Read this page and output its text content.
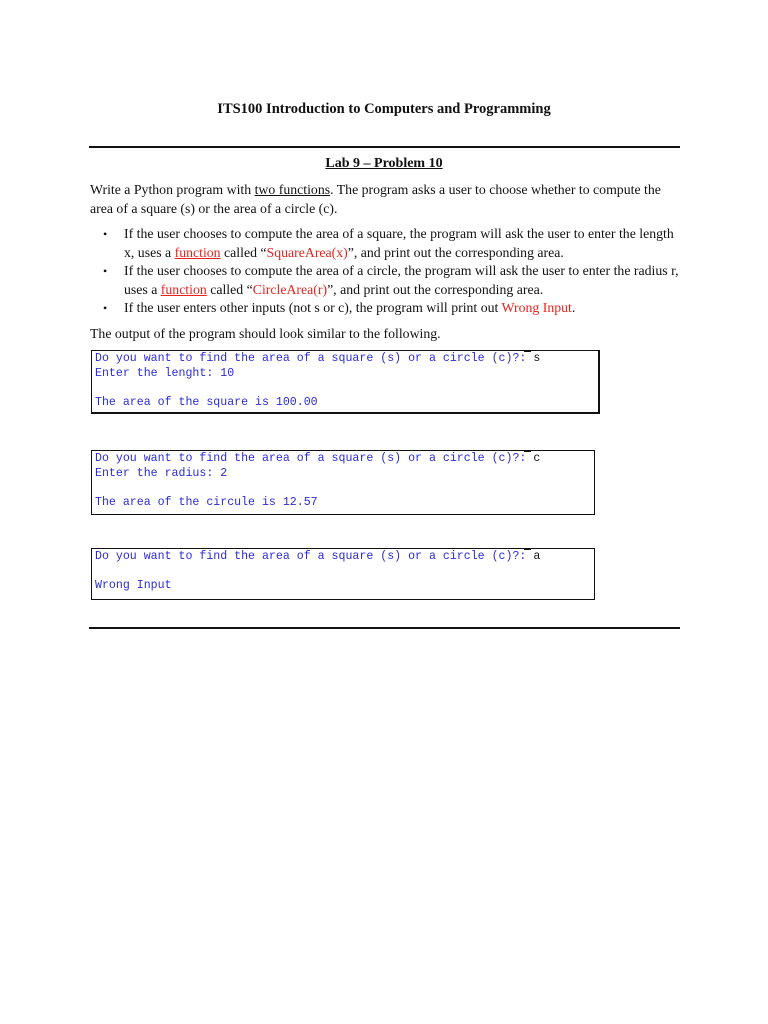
ITS100 Introduction to Computers and Programming
Lab 9 – Problem 10
Write a Python program with two functions. The program asks a user to choose whether to compute the area of a square (s) or the area of a circle (c).
• If the user chooses to compute the area of a square, the program will ask the user to enter the length x, uses a function called “SquareArea(x)”, and print out the corresponding area.
• If the user chooses to compute the area of a circle, the program will ask the user to enter the radius r, uses a function called “CircleArea(r)”, and print out the corresponding area.
• If the user enters other inputs (not s or c), the program will print out Wrong Input.
The output of the program should look similar to the following.
Do you want to find the area of a square (s) or a circle (c)?: s
Enter the lenght: 10
The area of the square is 100.00
Do you want to find the area of a square (s) or a circle (c)?: c
Enter the radius: 2
The area of the circule is 12.57
Do you want to find the area of a square (s) or a circle (c)?: a
Wrong Input
